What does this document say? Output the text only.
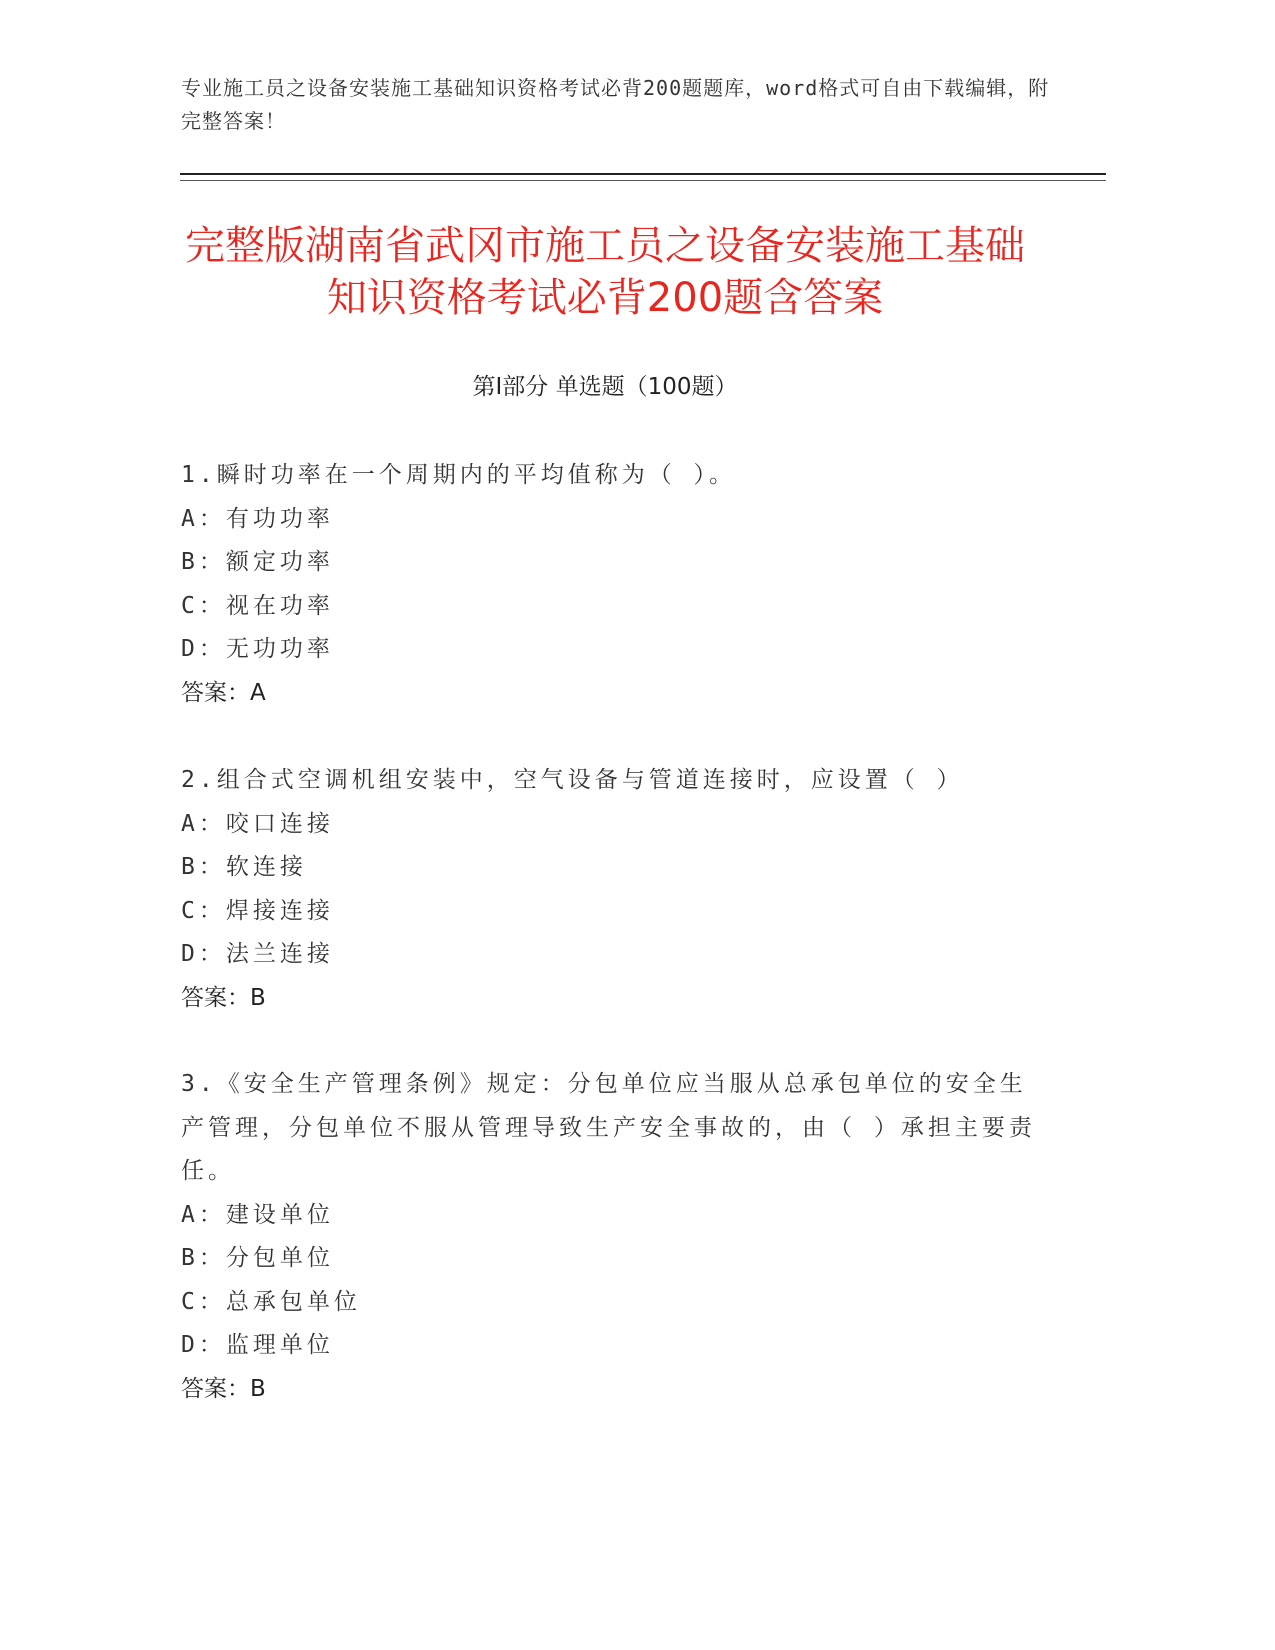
专业施工员之设备安装施工基础知识资格考试必背200题题库，word格式可自由下载编辑，附完整答案！
完整版湖南省武冈市施工员之设备安装施工基础知识资格考试必背200题含答案
第Ⅰ部分 单选题（100题）

1.瞬时功率在一个周期内的平均值称为（ ）。

A：有功功率

B：额定功率

C：视在功率

D：无功功率

答案：A

2.组合式空调机组安装中，空气设备与管道连接时，应设置（ ）

A：咬口连接

B：软连接

C：焊接连接

D：法兰连接

答案：B

3.《安全生产管理条例》规定：分包单位应当服从总承包单位的安全生产管理，分包单位不服从管理导致生产安全事故的，由（ ）承担主要责任。

A：建设单位

B：分包单位

C：总承包单位

D：监理单位

答案：B
